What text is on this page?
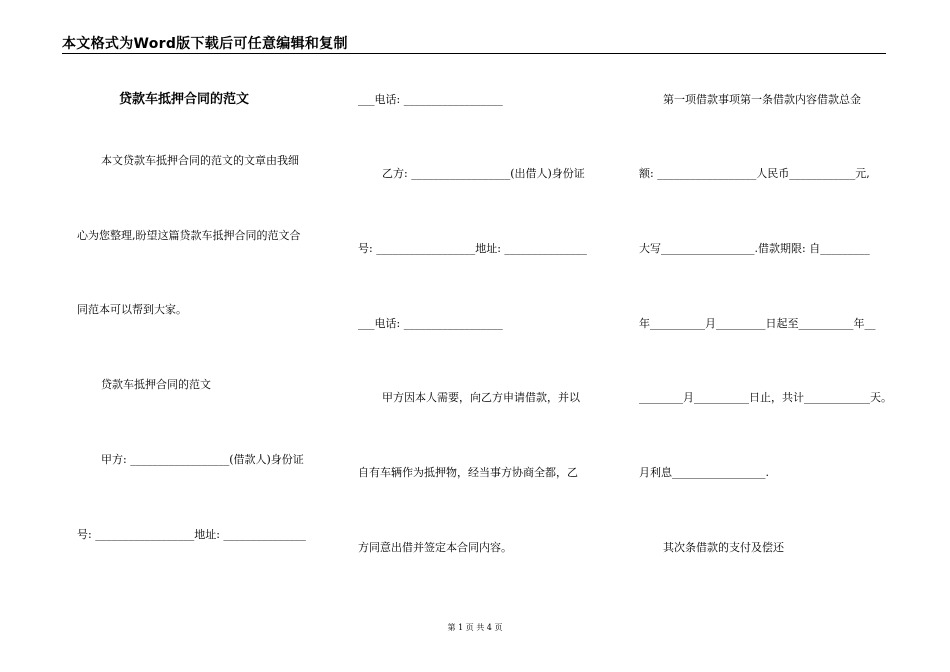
本文格式为Word版下载后可任意编辑和复制
贷款车抵押合同的范文
本文贷款车抵押合同的范文的文章由我细
心为您整理,盼望这篇贷款车抵押合同的范文合
同范本可以帮到大家。
贷款车抵押合同的范文
甲方: __________________(借款人)身份证
号: __________________地址: _______________
___电话: __________________
乙方: __________________(出借人)身份证
号: __________________地址: _______________
___电话: __________________
甲方因本人需要，向乙方申请借款，并以
自有车辆作为抵押物，经当事方协商全都，乙
方同意出借并签定本合同内容。
第一项借款事项第一条借款内容借款总金
额: __________________人民币____________元,
大写_________________.借款期限: 自_________
年__________月_________日起至__________年__
________月__________日止，共计____________天。
月利息_________________.
其次条借款的支付及偿还
第 1 页 共 4 页
